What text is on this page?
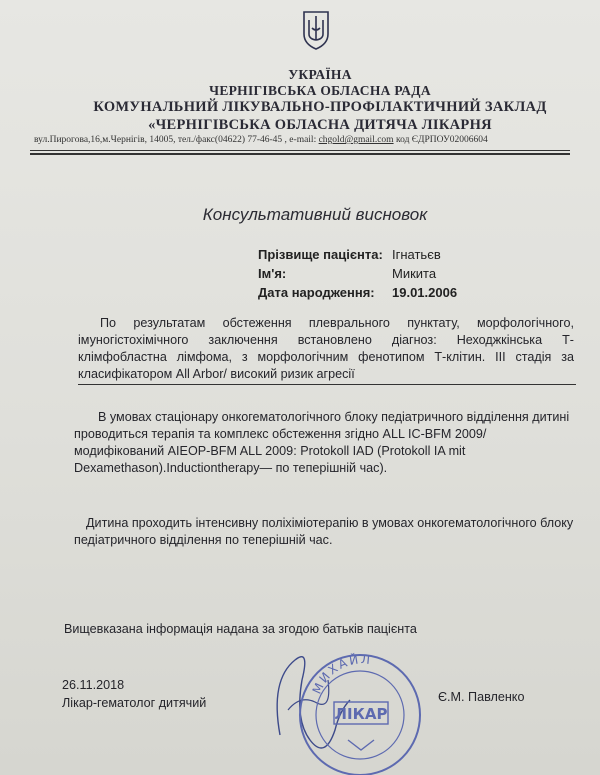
УКРАЇНА
ЧЕРНІГІВСЬКА ОБЛАСНА РАДА
КОМУНАЛЬНИЙ ЛІКУВАЛЬНО-ПРОФІЛАКТИЧНИЙ ЗАКЛАД
«ЧЕРНІГІВСЬКА ОБЛАСНА ДИТЯЧА ЛІКАРНЯ
вул.Пирогова,16,м.Чернігів, 14005, тел./факс(04622) 77-46-45 , e-mail: chgold@gmail.com код ЄДРПОУ02006604
Консультативний висновок
Прізвище пацієнта: Ігнатьєв
Ім'я:	Микита
Дата народження: 19.01.2006
По результатам обстеження плеврального пунктату, морфологічного, імуногістохімічного заключення встановлено діагноз: Неходжкінська Т-клімфобластна лімфома, з морфологічним фенотипом Т-клітин. III стадія за класифікатором All Arbor/ високий ризик агресії
В умовах стаціонару онкогематологічного блоку педіатричного відділення дитині проводиться терапія та комплекс обстеження згідно ALL IC-BFM 2009/ модифікований AIEOP-BFM ALL 2009: Protokoll IAD (Protokoll IA mit Dexamethason).Inductiontherapy— по теперішній час).
Дитина проходить інтенсивну поліхіміотерапію в умовах онкогематологічного блоку педіатричного відділення по теперішній час.
Вищевказана інформація надана за згодою батьків пацієнта
26.11.2018
Лікар-гематолог дитячий	Є.М. Павленко
МИХАЙЛ
ЛІКАР
